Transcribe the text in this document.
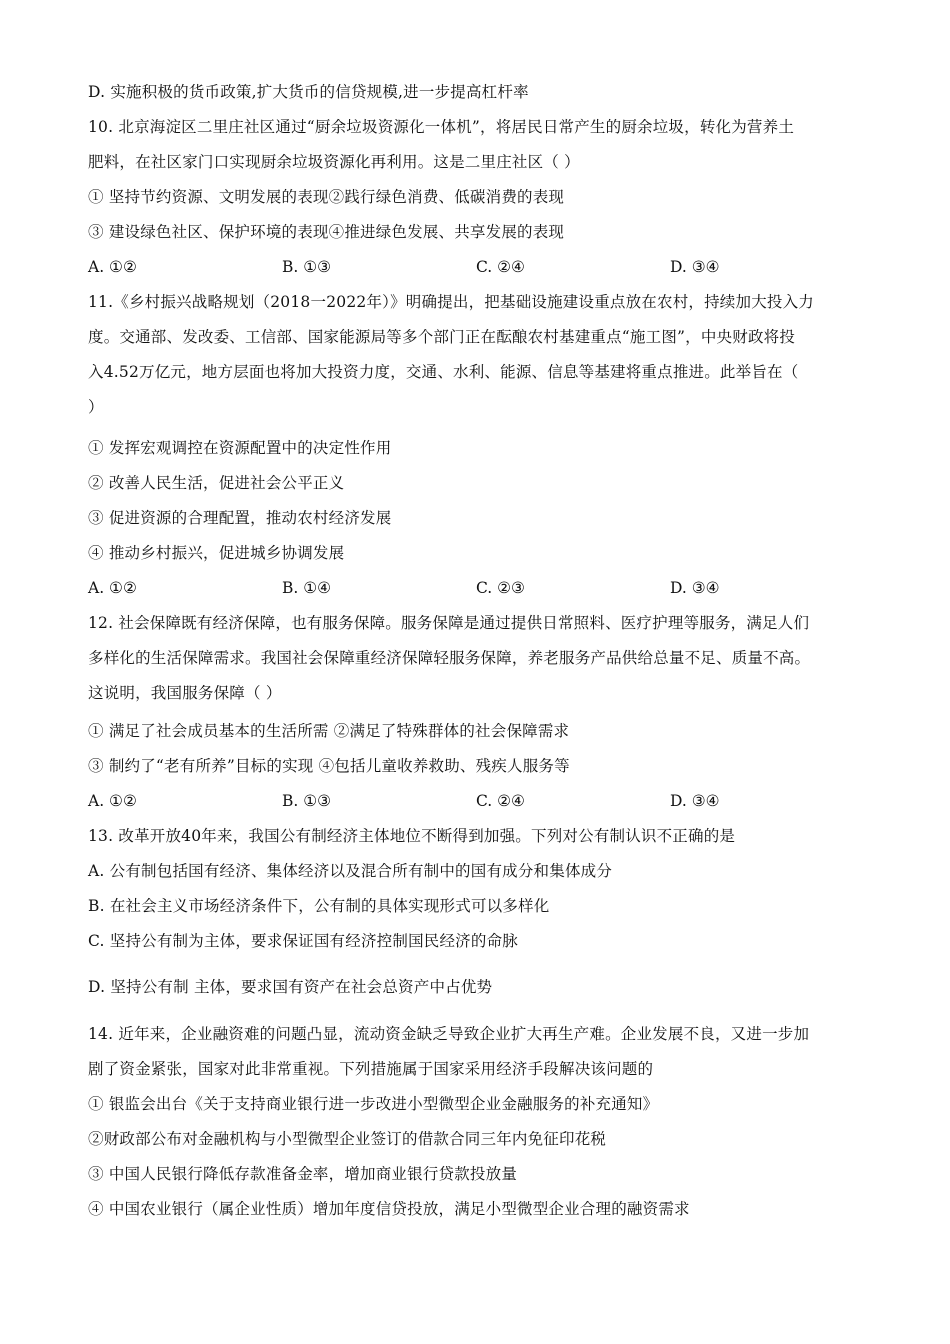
D. 实施积极的货币政策,扩大货币的信贷规模,进一步提高杠杆率
10. 北京海淀区二里庄社区通过“厨余垃圾资源化一体机”，将居民日常产生的厨余垃圾，转化为营养土
肥料，在社区家门口实现厨余垃圾资源化再利用。这是二里庄社区（ ）
① 坚持节约资源、文明发展的表现②践行绿色消费、低碳消费的表现
③ 建设绿色社区、保护环境的表现④推进绿色发展、共享发展的表现
A. ①②	B. ①③	C. ②④	D. ③④
11.《乡村振兴战略规划（2018一2022年）》明确提出，把基础设施建设重点放在农村，持续加大投入力
度。交通部、发改委、工信部、国家能源局等多个部门正在酝酿农村基建重点“施工图”，中央财政将投
入4.52万亿元，地方层面也将加大投资力度，交通、水利、能源、信息等基建将重点推进。此举旨在（
）
① 发挥宏观调控在资源配置中的决定性作用
② 改善人民生活，促进社会公平正义
③ 促进资源的合理配置，推动农村经济发展
④ 推动乡村振兴，促进城乡协调发展
A. ①②	B. ①④	C. ②③	D. ③④
12. 社会保障既有经济保障，也有服务保障。服务保障是通过提供日常照料、医疗护理等服务，满足人们
多样化的生活保障需求。我国社会保障重经济保障轻服务保障，养老服务产品供给总量不足、质量不高。
这说明，我国服务保障（ ）
① 满足了社会成员基本的生活所需 ②满足了特殊群体的社会保障需求
③ 制约了“老有所养”目标的实现 ④包括儿童收养救助、残疾人服务等
A. ①②	B. ①③	C. ②④	D. ③④
13. 改革开放40年来，我国公有制经济主体地位不断得到加强。下列对公有制认识不正确的是
A. 公有制包括国有经济、集体经济以及混合所有制中的国有成分和集体成分
B. 在社会主义市场经济条件下，公有制的具体实现形式可以多样化
C. 坚持公有制为主体，要求保证国有经济控制国民经济的命脉
D. 坚持公有制 主体，要求国有资产在社会总资产中占优势
14. 近年来，企业融资难的问题凸显，流动资金缺乏导致企业扩大再生产难。企业发展不良，又进一步加
剧了资金紧张，国家对此非常重视。下列措施属于国家采用经济手段解决该问题的
① 银监会出台《关于支持商业银行进一步改进小型微型企业金融服务的补充通知》
②财政部公布对金融机构与小型微型企业签订的借款合同三年内免征印花税
③ 中国人民银行降低存款准备金率，增加商业银行贷款投放量
④ 中国农业银行（属企业性质）增加年度信贷投放，满足小型微型企业合理的融资需求
